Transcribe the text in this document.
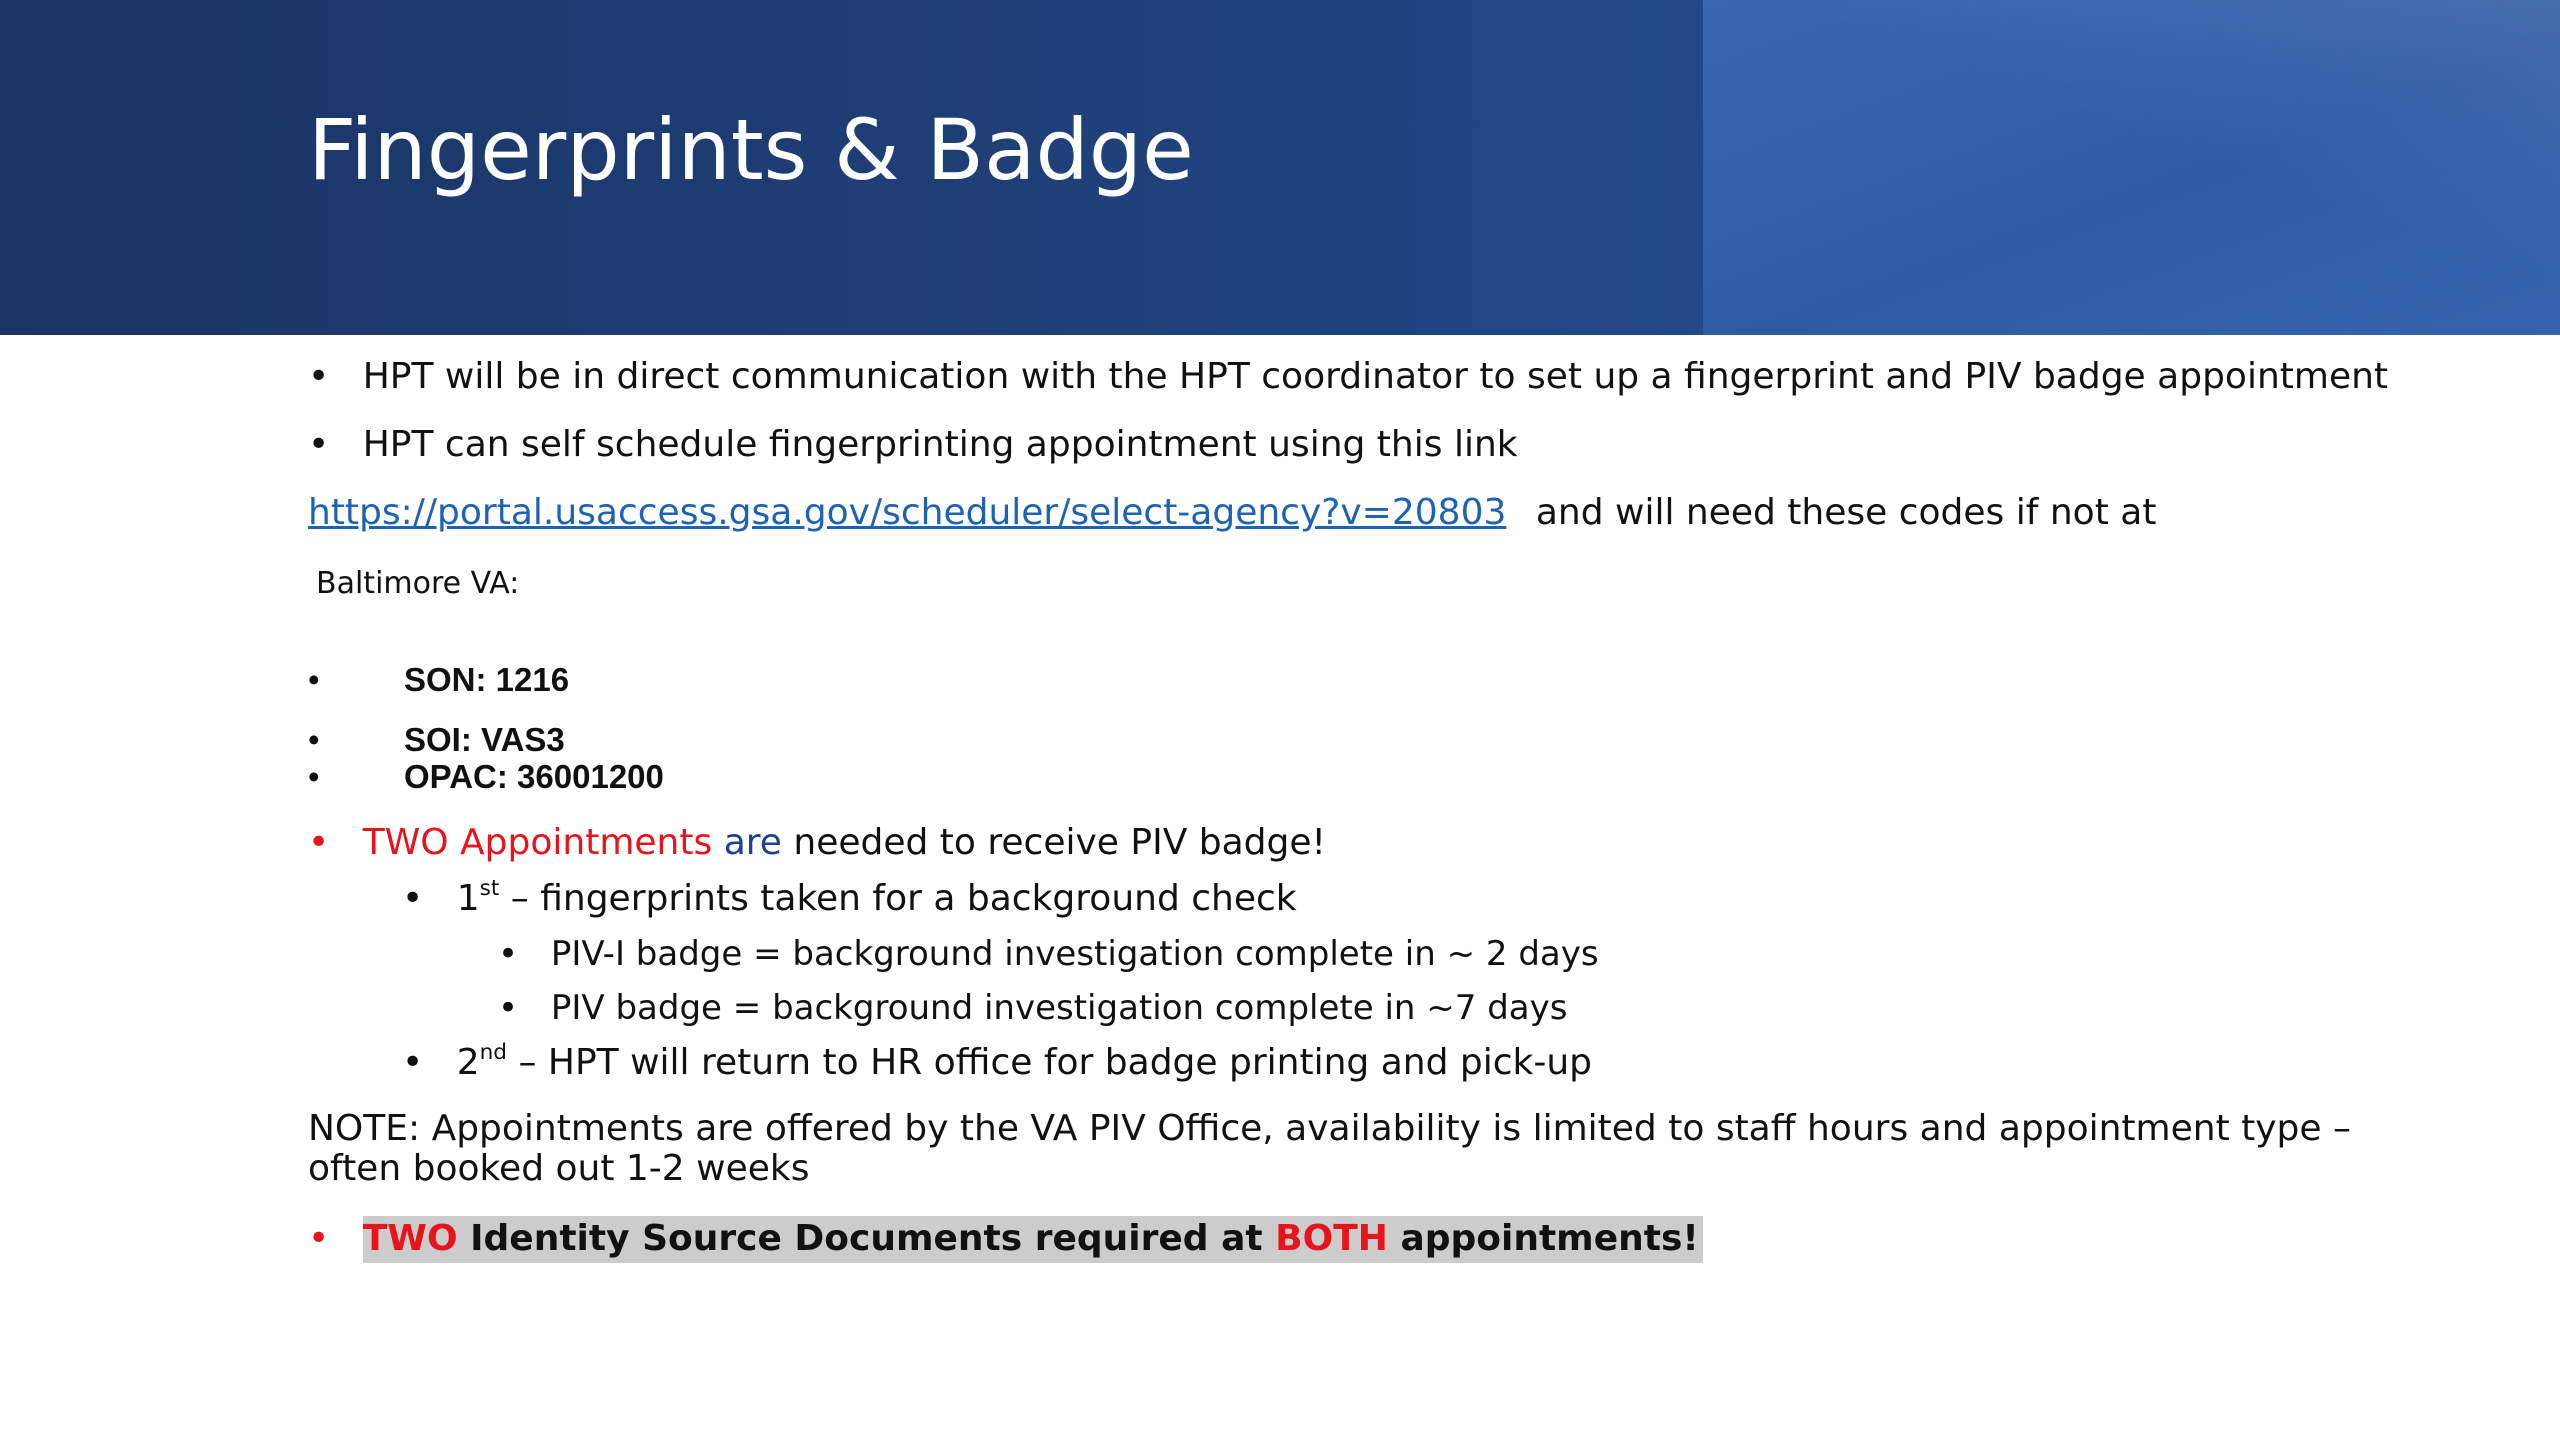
Fingerprints & Badge
• HPT will be in direct communication with the HPT coordinator to set up a fingerprint and PIV badge appointment
• HPT can self schedule fingerprinting appointment using this link
https://portal.usaccess.gsa.gov/scheduler/select-agency?v=20803 and will need these codes if not at
Baltimore VA:
•	SON: 1216
•	SOI: VAS3
•	OPAC: 36001200
• TWO Appointments are needed to receive PIV badge!
• 1st – fingerprints taken for a background check
• PIV-I badge = background investigation complete in ~ 2 days
• PIV badge = background investigation complete in ~7 days
• 2nd – HPT will return to HR office for badge printing and pick-up
NOTE: Appointments are offered by the VA PIV Office, availability is limited to staff hours and appointment type –
often booked out 1-2 weeks
• TWO Identity Source Documents required at BOTH appointments!
